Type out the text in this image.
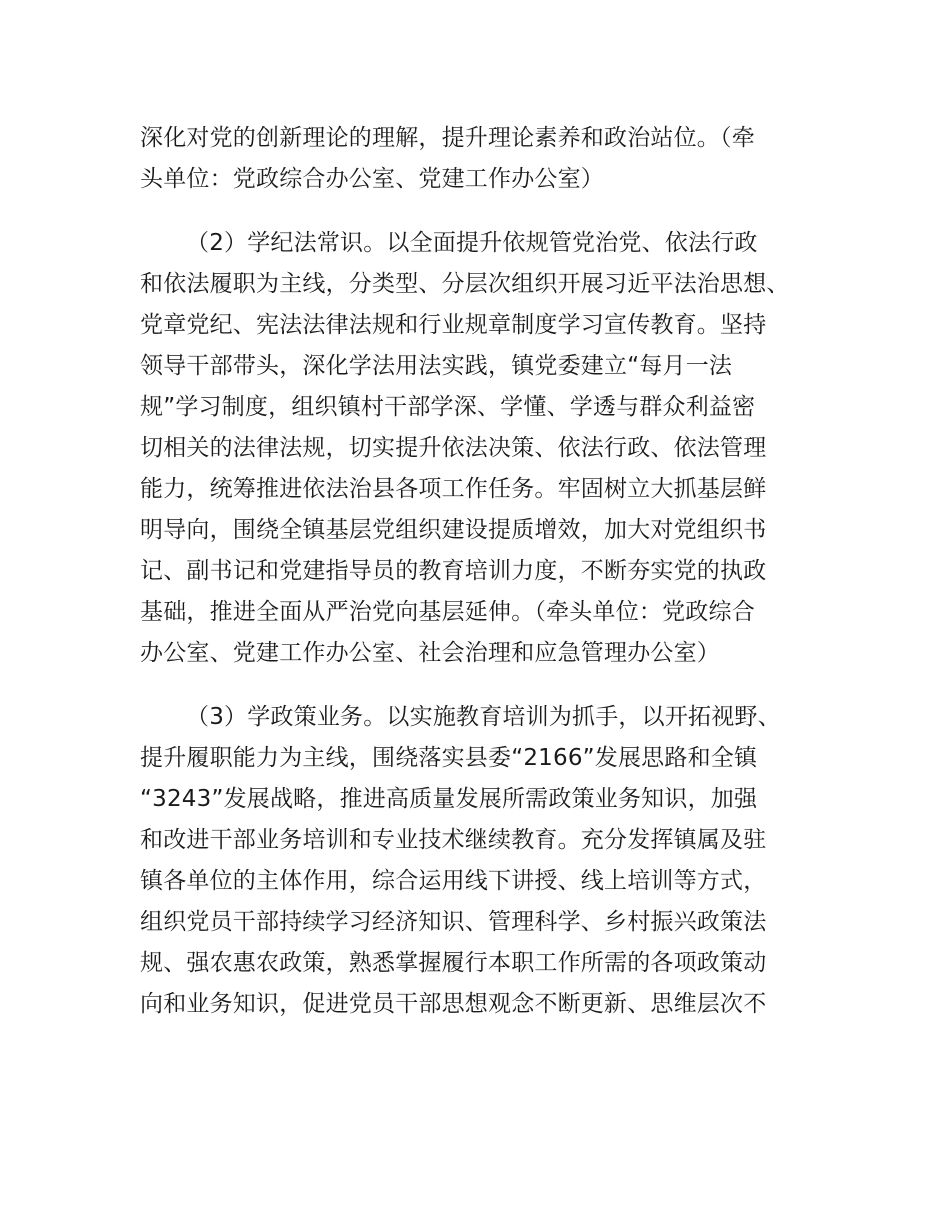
深化对党的创新理论的理解，提升理论素养和政治站位。（牵
头单位：党政综合办公室、党建工作办公室）
（2）学纪法常识。以全面提升依规管党治党、依法行政
和依法履职为主线，分类型、分层次组织开展习近平法治思想、
党章党纪、宪法法律法规和行业规章制度学习宣传教育。坚持
领导干部带头，深化学法用法实践，镇党委建立“每月一法
规”学习制度，组织镇村干部学深、学懂、学透与群众利益密
切相关的法律法规，切实提升依法决策、依法行政、依法管理
能力，统筹推进依法治县各项工作任务。牢固树立大抓基层鲜
明导向，围绕全镇基层党组织建设提质增效，加大对党组织书
记、副书记和党建指导员的教育培训力度，不断夯实党的执政
基础，推进全面从严治党向基层延伸。（牵头单位：党政综合
办公室、党建工作办公室、社会治理和应急管理办公室）
（3）学政策业务。以实施教育培训为抓手，以开拓视野、
提升履职能力为主线，围绕落实县委“2166”发展思路和全镇
“3243”发展战略，推进高质量发展所需政策业务知识，加强
和改进干部业务培训和专业技术继续教育。充分发挥镇属及驻
镇各单位的主体作用，综合运用线下讲授、线上培训等方式，
组织党员干部持续学习经济知识、管理科学、乡村振兴政策法
规、强农惠农政策，熟悉掌握履行本职工作所需的各项政策动
向和业务知识，促进党员干部思想观念不断更新、思维层次不
